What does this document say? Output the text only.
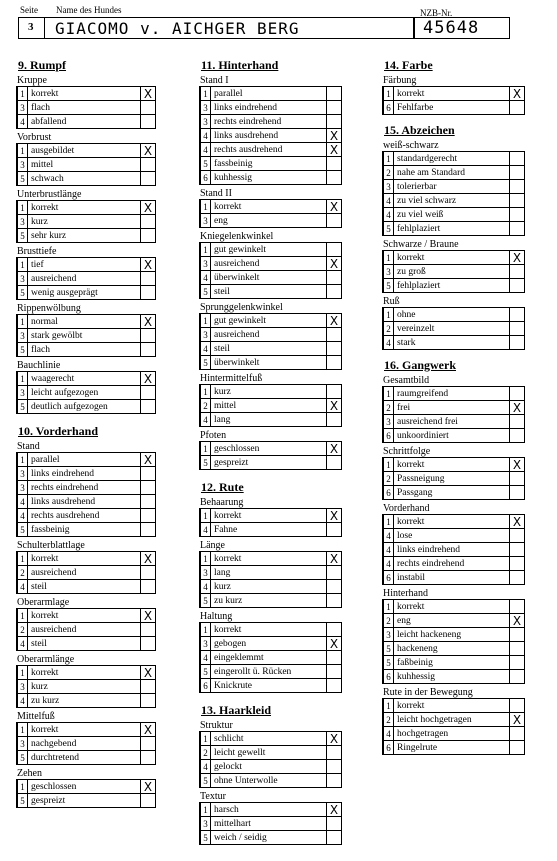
Seite Name des Hundes	NZB-Nr.
3 GIACOMO v. AICHGER BERG	45648
9. Rumpf
Kruppe
1	korrekt	X
3	flach	
4	abfallend	
Vorbrust
1	ausgebildet	X
3	mittel	
5	schwach	
Unterbrustlänge
1	korrekt	X
3	kurz	
5	sehr kurz	
Brusttiefe
1	tief	X
3	ausreichend	
5	wenig ausgeprägt	
Rippenwölbung
1	normal	X
3	stark gewölbt	
5	flach	
Bauchlinie
1	waagerecht	X
3	leicht aufgezogen	
5	deutlich aufgezogen	
10. Vorderhand
Stand
1	parallel	X
3	links eindrehend	
3	rechts eindrehend	
4	links ausdrehend	
4	rechts ausdrehend	
5	fassbeinig	
Schulterblattlage
1	korrekt	X
2	ausreichend	
4	steil	
Oberarmlage
1	korrekt	X
2	ausreichend	
4	steil	
Oberarmlänge
1	korrekt	X
3	kurz	
4	zu kurz	
Mittelfuß
1	korrekt	X
3	nachgebend	
5	durchtretend	
Zehen
1	geschlossen	X
5	gespreizt	
11. Hinterhand
Stand I
1	parallel	
3	links eindrehend	
3	rechts eindrehend	
4	links ausdrehend	X
4	rechts ausdrehend	X
5	fassbeinig	
6	kuhhessig	
Stand II
1	korrekt	X
3	eng	
Kniegelenkwinkel
1	gut gewinkelt	
3	ausreichend	X
4	überwinkelt	
5	steil	
Sprunggelenkwinkel
1	gut gewinkelt	X
3	ausreichend	
4	steil	
5	überwinkelt	
Hintermittelfuß
1	kurz	
2	mittel	X
4	lang	
Pfoten
1	geschlossen	X
5	gespreizt	
12. Rute
Behaarung
1	korrekt	X
4	Fahne	
Länge
1	korrekt	X
3	lang	
4	kurz	
5	zu kurz	
Haltung
1	korrekt	
3	gebogen	X
4	eingeklemmt	
5	eingerollt ü. Rücken	
6	Knickrute	
13. Haarkleid
Struktur
1	schlicht	X
2	leicht gewellt	
4	gelockt	
5	ohne Unterwolle	
Textur
1	harsch	X
3	mittelhart	
5	weich / seidig	
14. Farbe
Färbung
1	korrekt	X
6	Fehlfarbe	
15. Abzeichen
weiß-schwarz
1	standardgerecht	
2	nahe am Standard	
3	tolerierbar	
4	zu viel schwarz	
4	zu viel weiß	
5	fehlplaziert	
Schwarze / Braune
1	korrekt	X
3	zu groß	
5	fehlplaziert	
Ruß
1	ohne	
2	vereinzelt	
4	stark	
16. Gangwerk
Gesamtbild
1	raumgreifend	
2	frei	X
3	ausreichend frei	
6	unkoordiniert	
Schrittfolge
1	korrekt	X
2	Passneigung	
6	Passgang	
Vorderhand
1	korrekt	X
4	lose	
4	links eindrehend	
4	rechts eindrehend	
6	instabil	
Hinterhand
1	korrekt	
2	eng	X
3	leicht hackeneng	
5	hackeneng	
5	faßbeinig	
6	kuhhessig	
Rute in der Bewegung
1	korrekt	
2	leicht hochgetragen	X
4	hochgetragen	
6	Ringelrute	
